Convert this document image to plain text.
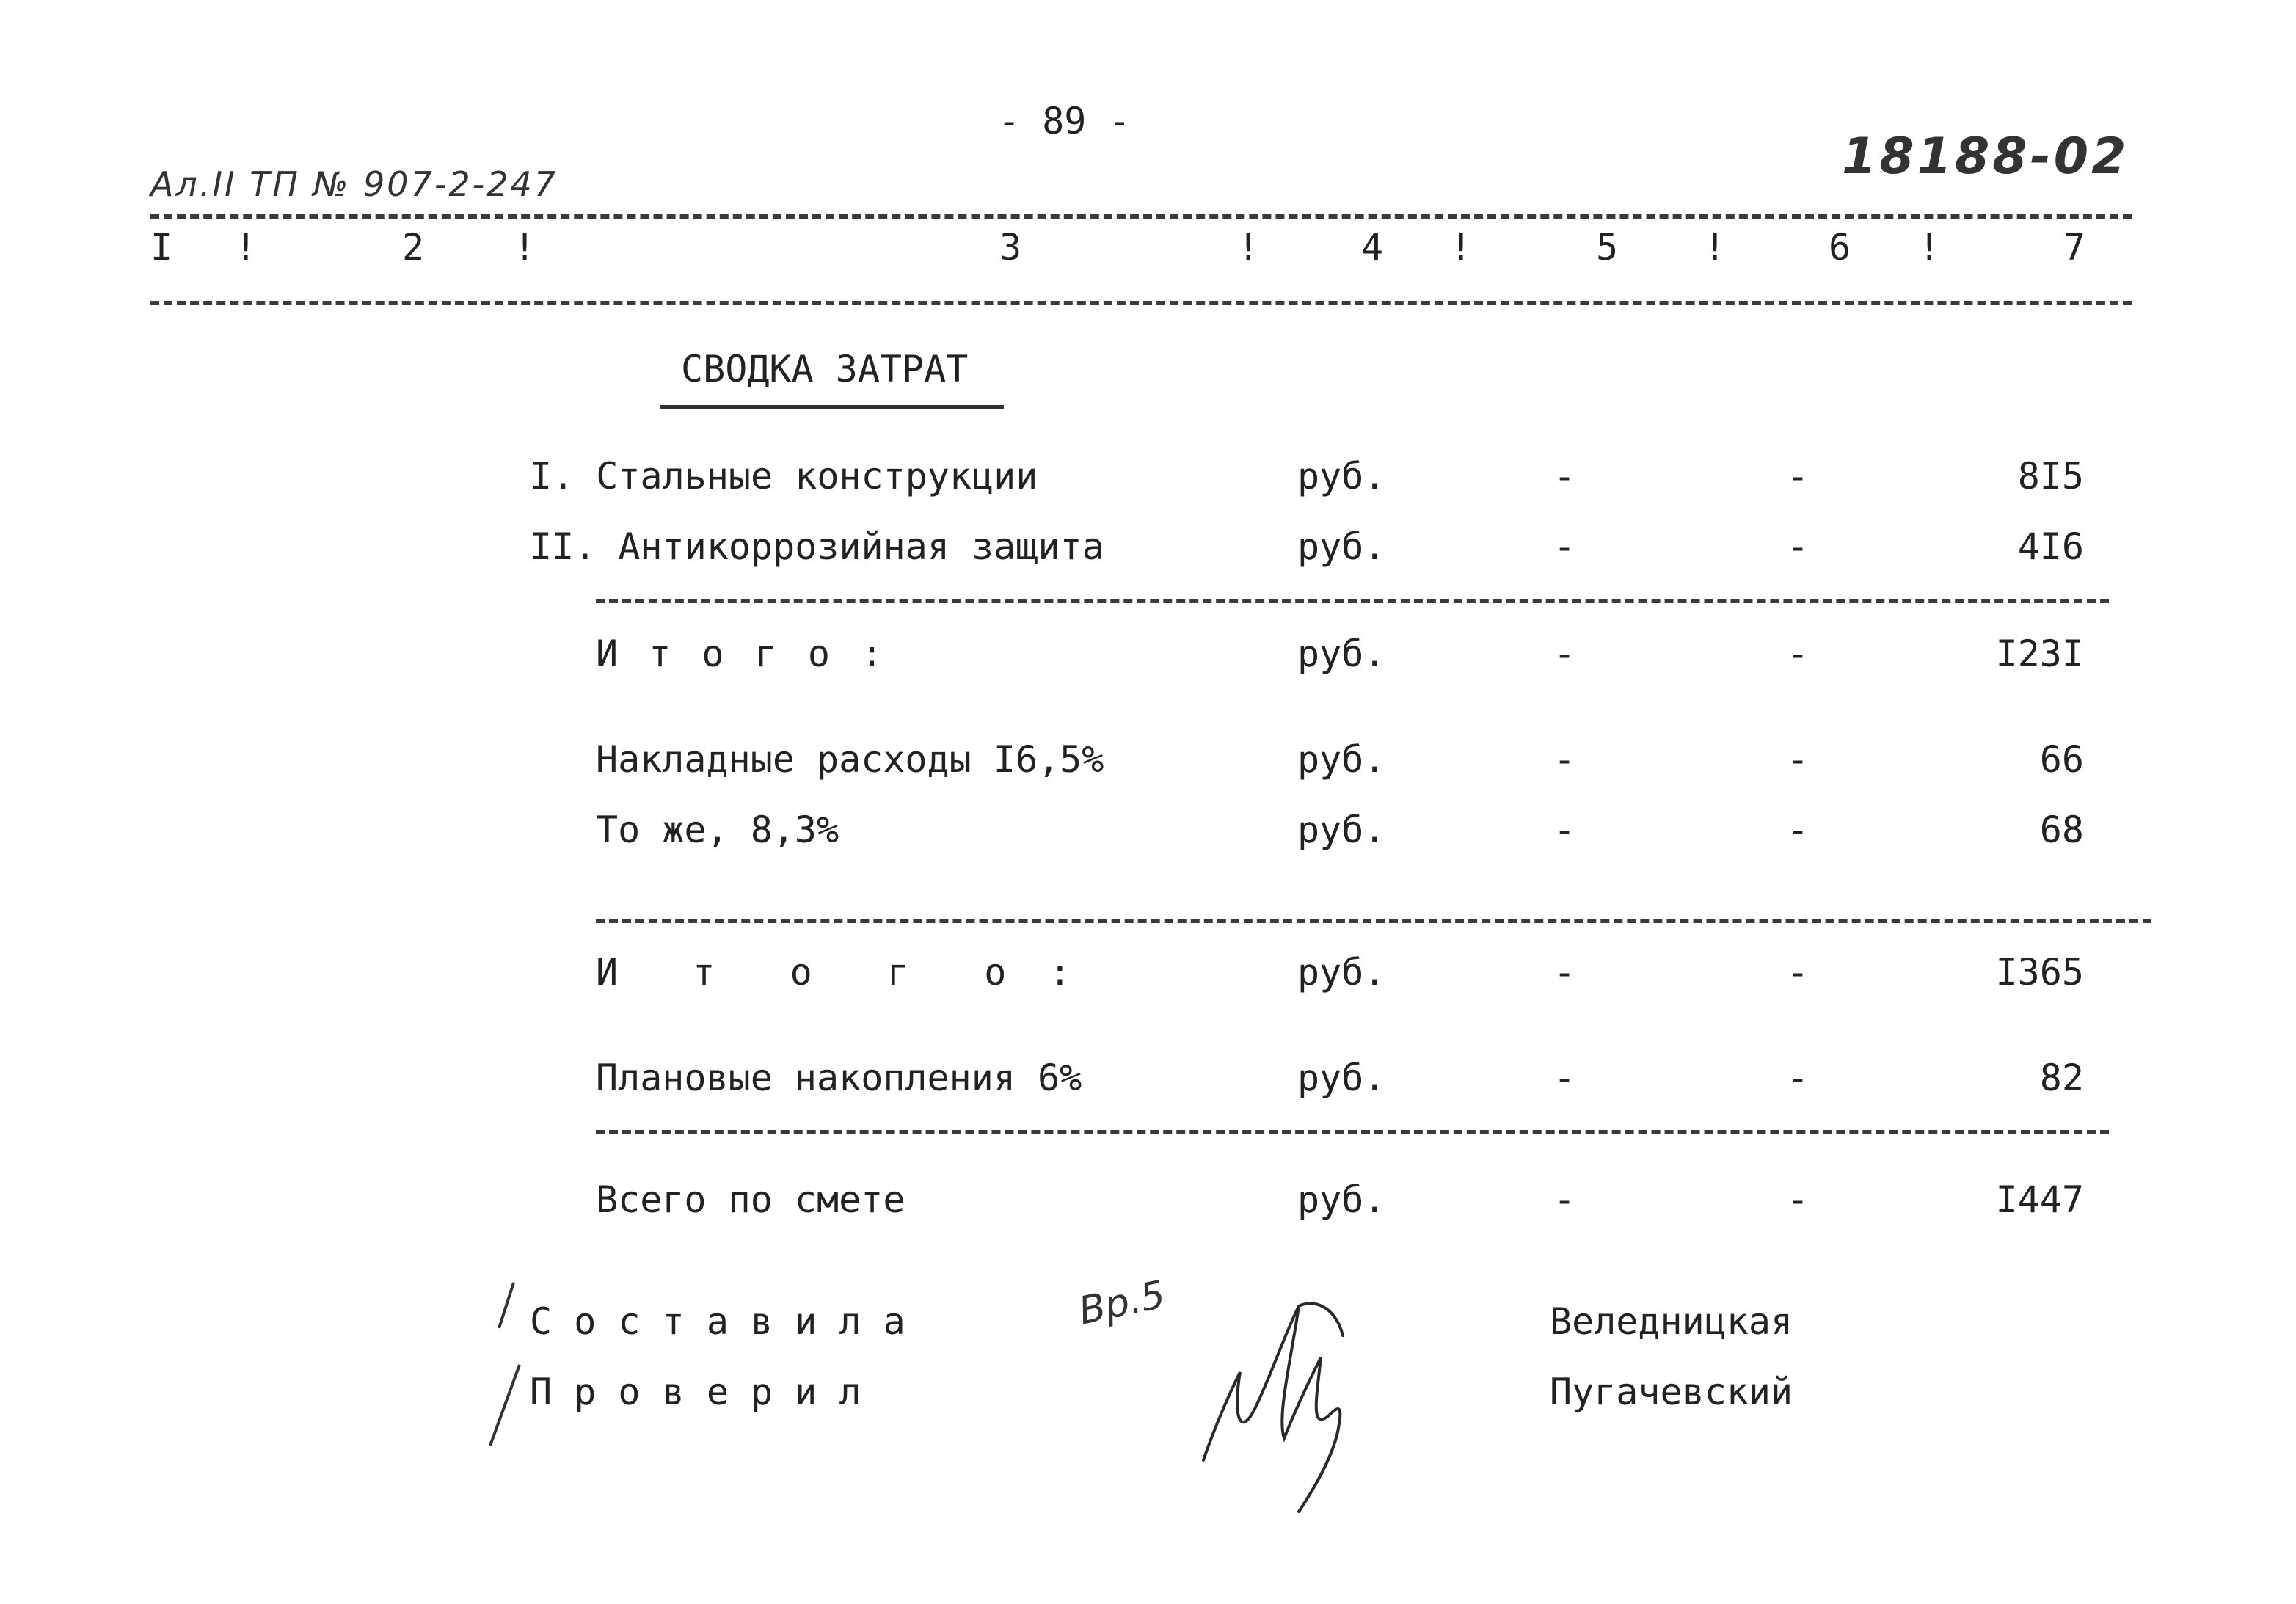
- 89 -
Ал.II ТП № 907-2-247	18188-02
I !	2 !	3	!	4 !	5 !	6 !	7
СВОДКА ЗАТРАТ
I. Стальные конструкции	руб.	-	-	8I5
II. Антикоррозийная защита	руб.	-	-	4I6
И т о г о :	руб.	-	-	I23I
Накладные расходы I6,5%	руб.	-	-	66
То же, 8,3%	руб.	-	-	68
И  т  о  г  о :	руб.	-	-	I365
Плановые накопления 6%	руб.	-	-	82
Всего по смете	руб.	-	-	I447
С о с т а в и л а
П р о в е р и л
Веледницкая
Пугачевский
Вр.5
